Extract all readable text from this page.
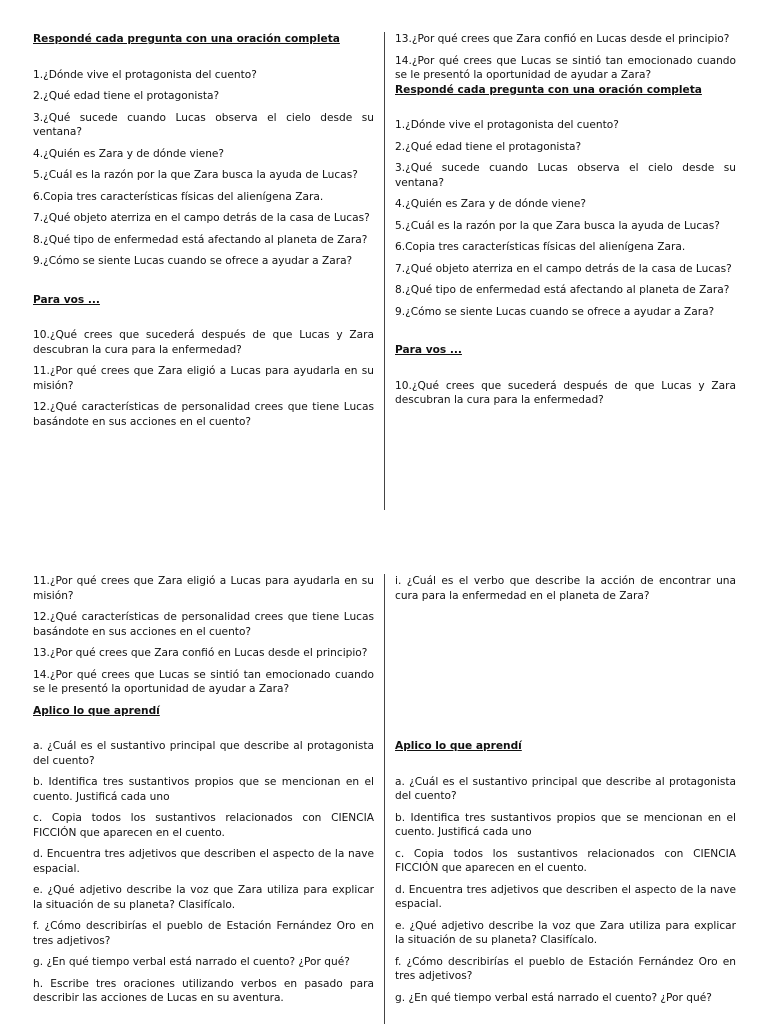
Respondé cada pregunta con una oración completa

1.¿Dónde vive el protagonista del cuento?

2.¿Qué edad tiene el protagonista?

3.¿Qué sucede cuando Lucas observa el cielo desde su ventana?

4.¿Quién es Zara y de dónde viene?

5.¿Cuál es la razón por la que Zara busca la ayuda de Lucas?

6.Copia tres características físicas del alienígena Zara.

7.¿Qué objeto aterriza en el campo detrás de la casa de Lucas?

8.¿Qué tipo de enfermedad está afectando al planeta de Zara?

9.¿Cómo se siente Lucas cuando se ofrece a ayudar a Zara?

Para vos ...

10.¿Qué crees que sucederá después de que Lucas y Zara descubran la cura para la enfermedad?

11.¿Por qué crees que Zara eligió a Lucas para ayudarla en su misión?

12.¿Qué características de personalidad crees que tiene Lucas basándote en sus acciones en el cuento?

13.¿Por qué crees que Zara confió en Lucas desde el principio?

14.¿Por qué crees que Lucas se sintió tan emocionado cuando se le presentó la oportunidad de ayudar a Zara?

Respondé cada pregunta con una oración completa

1.¿Dónde vive el protagonista del cuento?

2.¿Qué edad tiene el protagonista?

3.¿Qué sucede cuando Lucas observa el cielo desde su ventana?

4.¿Quién es Zara y de dónde viene?

5.¿Cuál es la razón por la que Zara busca la ayuda de Lucas?

6.Copia tres características físicas del alienígena Zara.

7.¿Qué objeto aterriza en el campo detrás de la casa de Lucas?

8.¿Qué tipo de enfermedad está afectando al planeta de Zara?

9.¿Cómo se siente Lucas cuando se ofrece a ayudar a Zara?

Para vos ...

10.¿Qué crees que sucederá después de que Lucas y Zara descubran la cura para la enfermedad?

11.¿Por qué crees que Zara eligió a Lucas para ayudarla en su misión?

12.¿Qué características de personalidad crees que tiene Lucas basándote en sus acciones en el cuento?

13.¿Por qué crees que Zara confió en Lucas desde el principio?

14.¿Por qué crees que Lucas se sintió tan emocionado cuando se le presentó la oportunidad de ayudar a Zara?

Aplico lo que aprendí

a. ¿Cuál es el sustantivo principal que describe al protagonista del cuento?

b. Identifica tres sustantivos propios que se mencionan en el cuento. Justificá cada uno

c. Copia todos los sustantivos relacionados con CIENCIA FICCIÓN que aparecen en el cuento.

d. Encuentra tres adjetivos que describen el aspecto de la nave espacial.

e. ¿Qué adjetivo describe la voz que Zara utiliza para explicar la situación de su planeta? Clasifícalo.

f. ¿Cómo describirías el pueblo de Estación Fernández Oro en tres adjetivos?

g. ¿En qué tiempo verbal está narrado el cuento? ¿Por qué?

h. Escribe tres oraciones utilizando verbos en pasado para describir las acciones de Lucas en su aventura.

i. ¿Cuál es el verbo que describe la acción de encontrar una cura para la enfermedad en el planeta de Zara?

Aplico lo que aprendí

a. ¿Cuál es el sustantivo principal que describe al protagonista del cuento?

b. Identifica tres sustantivos propios que se mencionan en el cuento. Justificá cada uno

c. Copia todos los sustantivos relacionados con CIENCIA FICCIÓN que aparecen en el cuento.

d. Encuentra tres adjetivos que describen el aspecto de la nave espacial.

e. ¿Qué adjetivo describe la voz que Zara utiliza para explicar la situación de su planeta? Clasifícalo.

f. ¿Cómo describirías el pueblo de Estación Fernández Oro en tres adjetivos?

g. ¿En qué tiempo verbal está narrado el cuento? ¿Por qué?
